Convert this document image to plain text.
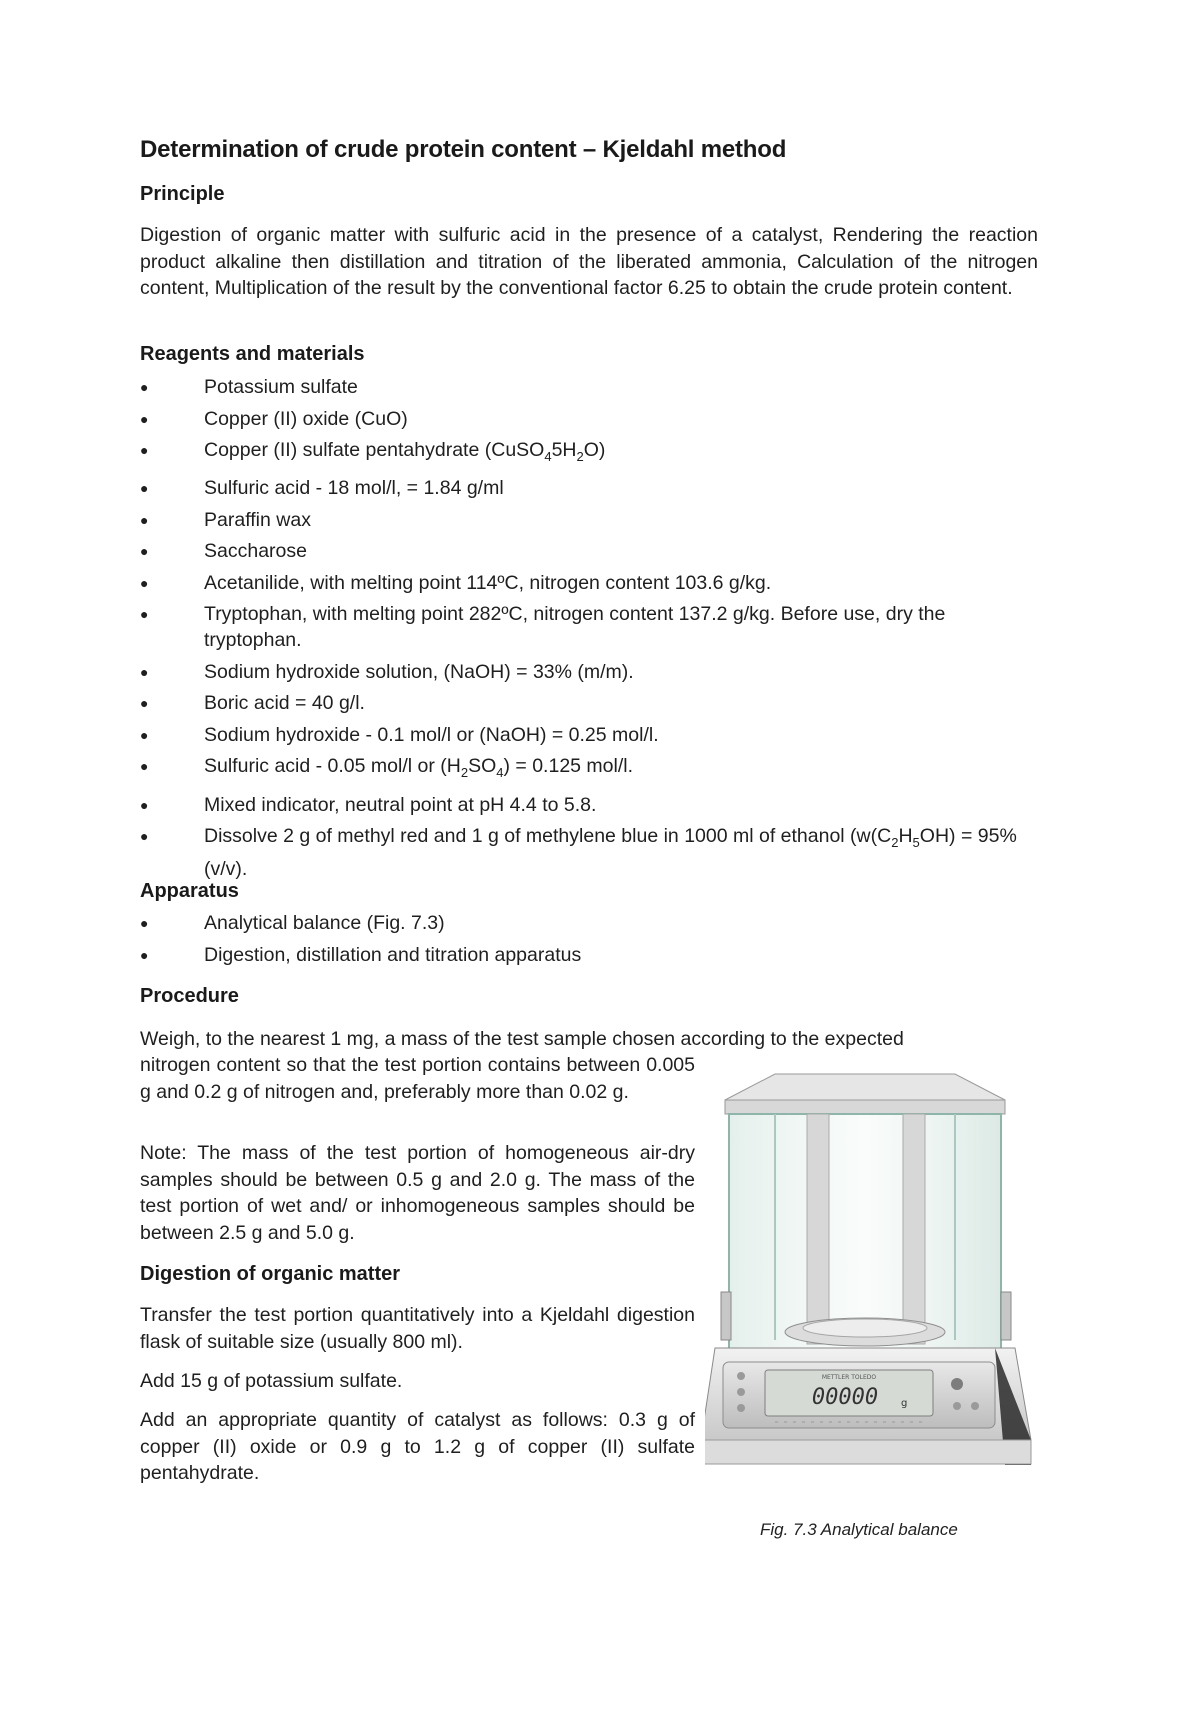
Determination of crude protein content – Kjeldahl method
Principle
Digestion of organic matter with sulfuric acid in the presence of a catalyst, Rendering the reaction product alkaline then distillation and titration of the liberated ammonia, Calculation of the nitrogen content, Multiplication of the result by the conventional factor 6.25 to obtain the crude protein content.
Reagents and materials
●	Potassium sulfate
●	Copper (II) oxide (CuO)
●	Copper (II) sulfate pentahydrate $(CuSO_45H_2O)$
●	Sulfuric acid - 18 mol/l, = 1.84 g/ml
●	Paraffin wax
●	Saccharose
●	Acetanilide, with melting point 114ºC, nitrogen content 103.6 g/kg.
●	Tryptophan, with melting point 282ºC, nitrogen content 137.2 g/kg. Before use, dry the tryptophan.
●	Sodium hydroxide solution, (NaOH) = 33% (m/m).
●	Boric acid = 40 g/l.
●	Sodium hydroxide - 0.1 mol/l or (NaOH) = 0.25 mol/l.
●	Sulfuric acid - 0.05 mol/l or $(H_2SO_4) = 0.125$ mol/l.
●	Mixed indicator, neutral point at pH 4.4 to 5.8.
●	Dissolve 2 g of methyl red and 1 g of methylene blue in 1000 ml of ethanol ($w(C_2H_5OH) = 95\%$ (v/v).
Apparatus
●	Analytical balance (Fig. 7.3)
●	Digestion, distillation and titration apparatus
Procedure
Weigh, to the nearest 1 mg, a mass of the test sample chosen according to the expected
nitrogen content so that the test portion contains between 0.005 g and 0.2 g of nitrogen and, preferably more than 0.02 g.
Note: The mass of the test portion of homogeneous air-dry samples should be between 0.5 g and 2.0 g. The mass of the test portion of wet and/ or inhomogeneous samples should be between 2.5 g and 5.0 g.
Digestion of organic matter
Transfer the test portion quantitatively into a Kjeldahl digestion flask of suitable size (usually 800 ml).
Add 15 g of potassium sulfate.
Add an appropriate quantity of catalyst as follows: 0.3 g of copper (II) oxide or 0.9 g to 1.2 g of copper (II) sulfate pentahydrate.
METTLER TOLEDO
00000 g
Fig. 7.3 Analytical balance
